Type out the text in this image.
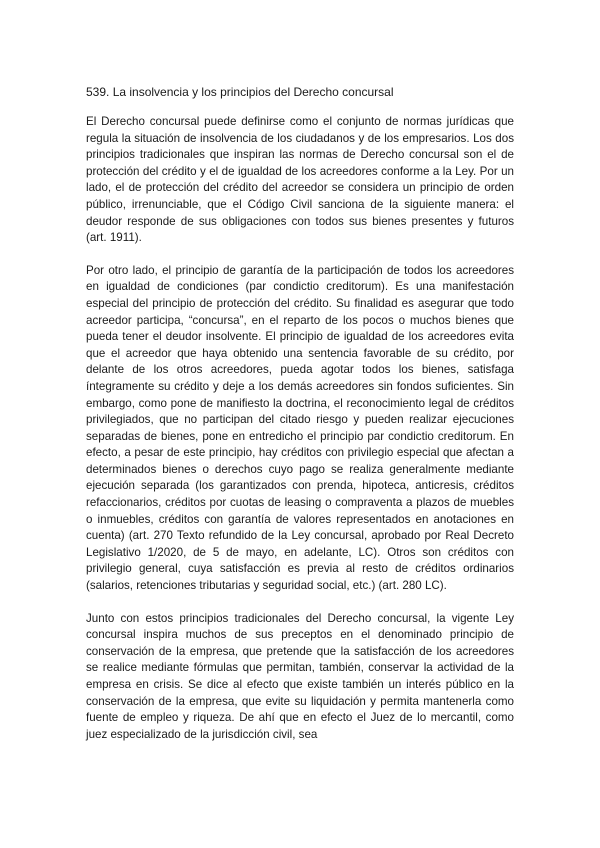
539. La insolvencia y los principios del Derecho concursal

El Derecho concursal puede definirse como el conjunto de normas jurídicas que regula la situación de insolvencia de los ciudadanos y de los empresarios. Los dos principios tradicionales que inspiran las normas de Derecho concursal son el de protección del crédito y el de igualdad de los acreedores conforme a la Ley. Por un lado, el de protección del crédito del acreedor se considera un principio de orden público, irrenunciable, que el Código Civil sanciona de la siguiente manera: el deudor responde de sus obligaciones con todos sus bienes presentes y futuros (art. 1911).

Por otro lado, el principio de garantía de la participación de todos los acreedores en igualdad de condiciones (par condictio creditorum). Es una manifestación especial del principio de protección del crédito. Su finalidad es asegurar que todo acreedor participa, “concursa”, en el reparto de los pocos o muchos bienes que pueda tener el deudor insolvente. El principio de igualdad de los acreedores evita que el acreedor que haya obtenido una sentencia favorable de su crédito, por delante de los otros acreedores, pueda agotar todos los bienes, satisfaga íntegramente su crédito y deje a los demás acreedores sin fondos suficientes. Sin embargo, como pone de manifiesto la doctrina, el reconocimiento legal de créditos privilegiados, que no participan del citado riesgo y pueden realizar ejecuciones separadas de bienes, pone en entredicho el principio par condictio creditorum. En efecto, a pesar de este principio, hay créditos con privilegio especial que afectan a determinados bienes o derechos cuyo pago se realiza generalmente mediante ejecución separada (los garantizados con prenda, hipoteca, anticresis, créditos refaccionarios, créditos por cuotas de leasing o compraventa a plazos de muebles o inmuebles, créditos con garantía de valores representados en anotaciones en cuenta) (art. 270 Texto refundido de la Ley concursal, aprobado por Real Decreto Legislativo 1/2020, de 5 de mayo, en adelante, LC). Otros son créditos con privilegio general, cuya satisfacción es previa al resto de créditos ordinarios (salarios, retenciones tributarias y seguridad social, etc.) (art. 280 LC).

Junto con estos principios tradicionales del Derecho concursal, la vigente Ley concursal inspira muchos de sus preceptos en el denominado principio de conservación de la empresa, que pretende que la satisfacción de los acreedores se realice mediante fórmulas que permitan, también, conservar la actividad de la empresa en crisis. Se dice al efecto que existe también un interés público en la conservación de la empresa, que evite su liquidación y permita mantenerla como fuente de empleo y riqueza. De ahí que en efecto el Juez de lo mercantil, como juez especializado de la jurisdicción civil, sea
